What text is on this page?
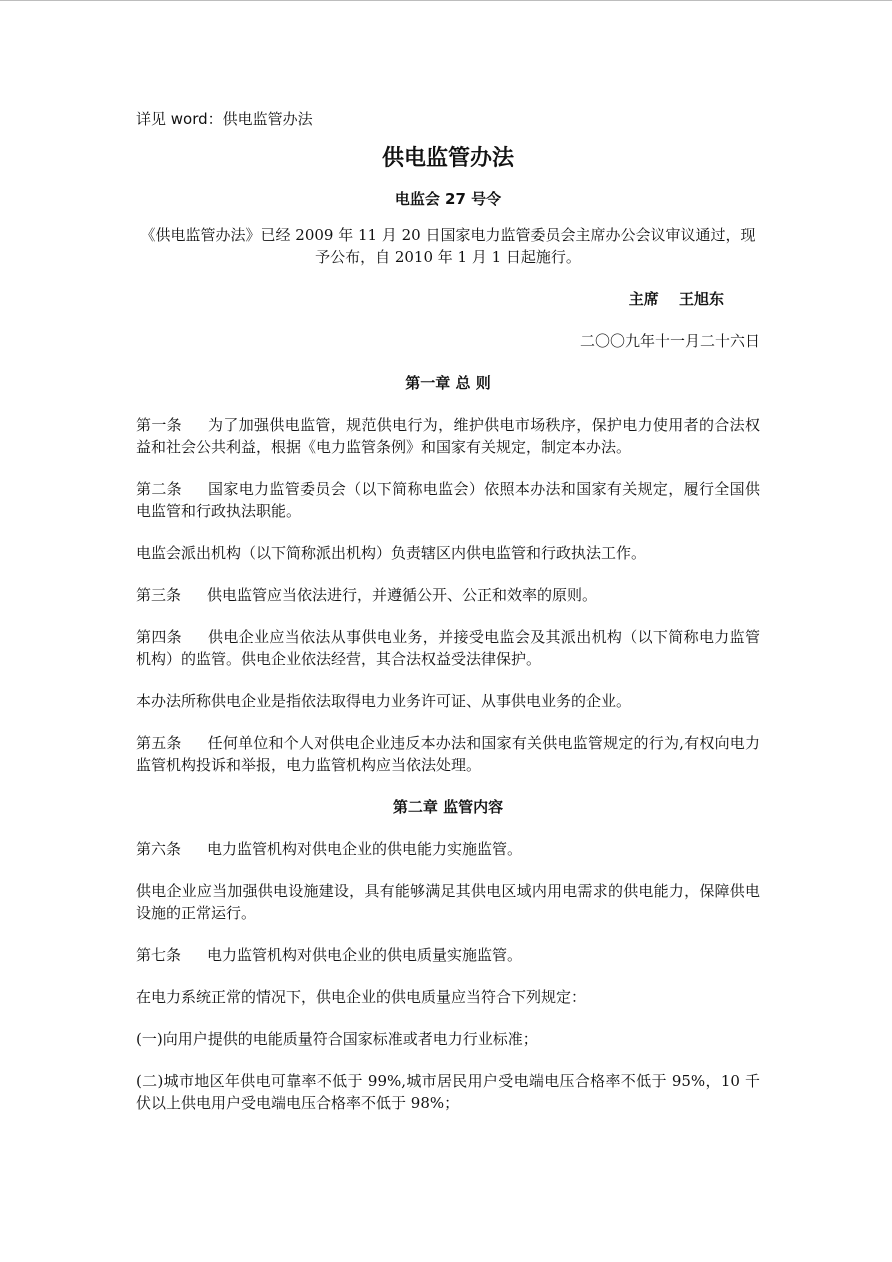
详见 word：供电监管办法

供电监管办法

电监会 27 号令

《供电监管办法》已经 2009 年 11 月 20 日国家电力监管委员会主席办公会议审议通过，现予公布，自 2010 年 1 月 1 日起施行。

主席　 王旭东

二〇〇九年十一月二十六日

第一章 总 则

第一条 为了加强供电监管，规范供电行为，维护供电市场秩序，保护电力使用者的合法权益和社会公共利益，根据《电力监管条例》和国家有关规定，制定本办法。

第二条 国家电力监管委员会（以下简称电监会）依照本办法和国家有关规定，履行全国供电监管和行政执法职能。

电监会派出机构（以下简称派出机构）负责辖区内供电监管和行政执法工作。

第三条 供电监管应当依法进行，并遵循公开、公正和效率的原则。

第四条 供电企业应当依法从事供电业务，并接受电监会及其派出机构（以下简称电力监管机构）的监管。供电企业依法经营，其合法权益受法律保护。

本办法所称供电企业是指依法取得电力业务许可证、从事供电业务的企业。

第五条 任何单位和个人对供电企业违反本办法和国家有关供电监管规定的行为,有权向电力监管机构投诉和举报，电力监管机构应当依法处理。

第二章 监管内容

第六条 电力监管机构对供电企业的供电能力实施监管。

供电企业应当加强供电设施建设，具有能够满足其供电区域内用电需求的供电能力，保障供电设施的正常运行。

第七条 电力监管机构对供电企业的供电质量实施监管。

在电力系统正常的情况下，供电企业的供电质量应当符合下列规定：

(一)向用户提供的电能质量符合国家标准或者电力行业标准；

(二)城市地区年供电可靠率不低于 99%,城市居民用户受电端电压合格率不低于 95%，10 千伏以上供电用户受电端电压合格率不低于 98%；
